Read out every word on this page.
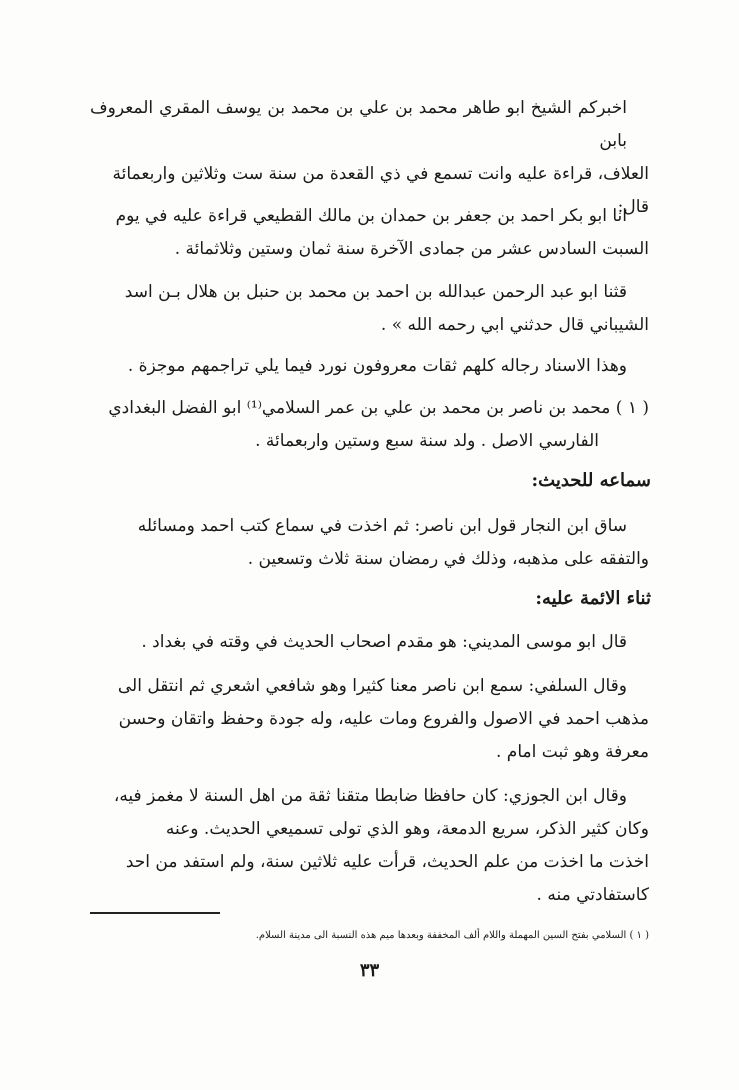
اخبركم الشيخ ابو طاهر محمد بن علي بن محمد بن يوسف المقري المعروف بابن
العلاف، قراءة عليه وانت تسمع في ذي القعدة من سنة ست وثلاثين واربعمائة
قال:
انا ابو بكر احمد بن جعفر بن حمدان بن مالك القطيعي قراءة عليه في يوم
السبت السادس عشر من جمادى الآخرة سنة ثمان وستين وثلاثمائة .
قثنا ابو عبد الرحمن عبدالله بن احمد بن محمد بن حنبل بن هلال بـن اسد
الشيباني قال حدثني ابي رحمه الله » .
وهذا الاسناد رجاله كلهم ثقات معروفون نورد فيما يلي تراجمهم موجزة .
( ١ ) محمد بن ناصر بن محمد بن علي بن عمر السلامي⁽¹⁾ ابو الفضل البغدادي
الفارسي الاصل . ولد سنة سبع وستين واربعمائة .
سماعه للحديث:
ساق ابن النجار قول ابن ناصر: ثم اخذت في سماع كتب احمد ومسائله
والتفقه على مذهبه، وذلك في رمضان سنة ثلاث وتسعين .
ثناء الائمة عليه:
قال ابو موسى المديني: هو مقدم اصحاب الحديث في وقته في بغداد .
وقال السلفي: سمع ابن ناصر معنا كثيرا وهو شافعي اشعري ثم انتقل الى
مذهب احمد في الاصول والفروع ومات عليه، وله جودة وحفظ واتقان وحسن
معرفة وهو ثبت امام .
وقال ابن الجوزي: كان حافظا ضابطا متقنا ثقة من اهل السنة لا مغمز فيه،
وكان كثير الذكر، سريع الدمعة، وهو الذي تولى تسميعي الحديث. وعنه
اخذت ما اخذت من علم الحديث، قرأت عليه ثلاثين سنة، ولم استفد من احد
كاستفادتي منه .
( ١ ) السلامي بفتح السين المهملة واللام ألف المخففة وبعدها ميم هذه النسبة الى مدينة السلام.
٣٣
